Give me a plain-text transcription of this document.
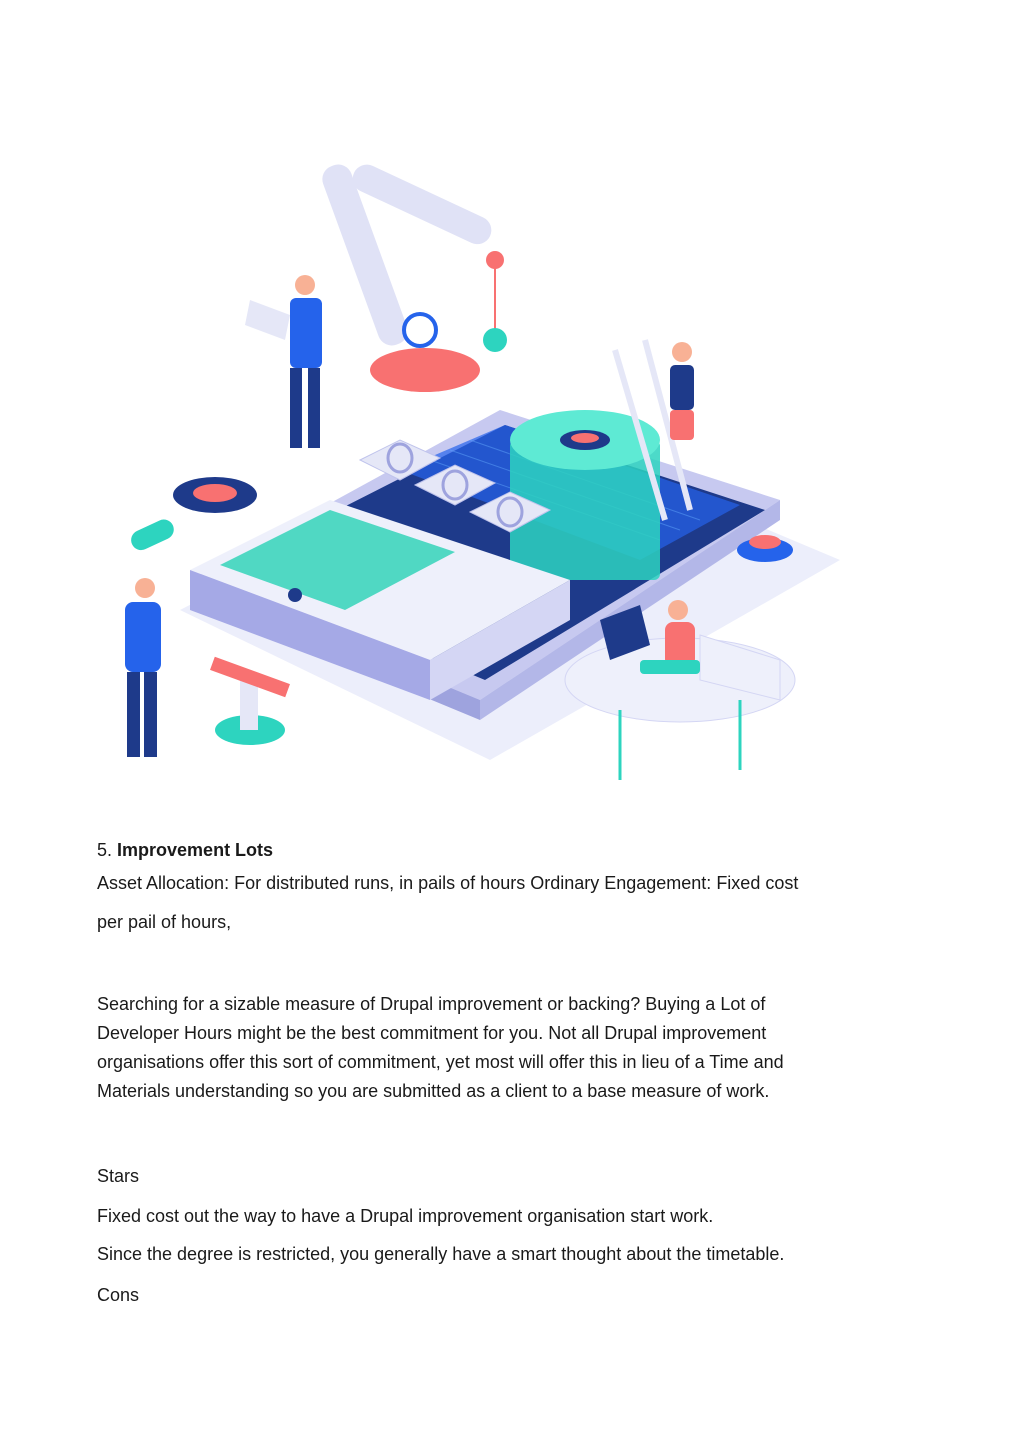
5. Improvement Lots

Asset Allocation: For distributed runs, in pails of hours Ordinary Engagement: Fixed cost

per pail of hours,

Searching for a sizable measure of Drupal improvement or backing? Buying a Lot of
Developer Hours might be the best commitment for you. Not all Drupal improvement
organisations offer this sort of commitment, yet most will offer this in lieu of a Time and
Materials understanding so you are submitted as a client to a base measure of work.

Stars

Fixed cost out the way to have a Drupal improvement organisation start work.

Since the degree is restricted, you generally have a smart thought about the timetable.

Cons
